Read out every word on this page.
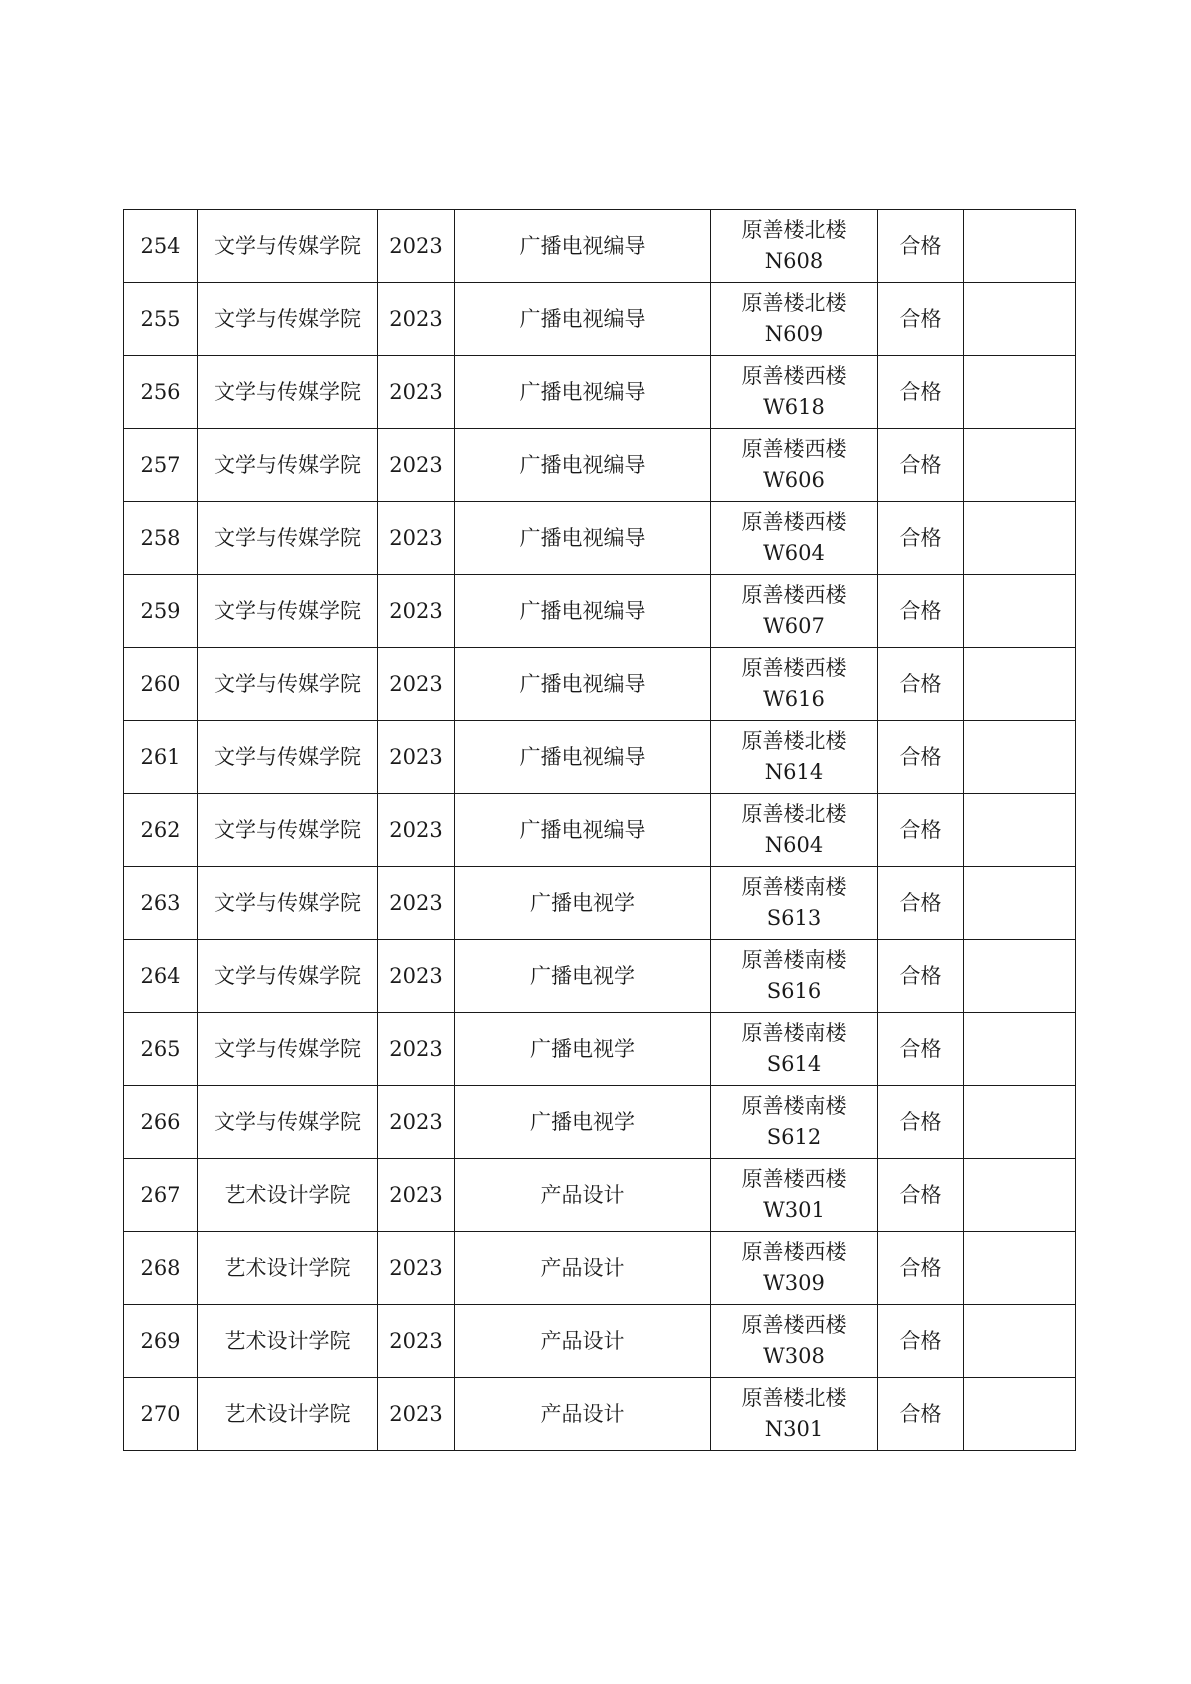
254	文学与传媒学院	2023	广播电视编导	原善楼北楼
N608	合格	
255	文学与传媒学院	2023	广播电视编导	原善楼北楼
N609	合格	
256	文学与传媒学院	2023	广播电视编导	原善楼西楼
W618	合格	
257	文学与传媒学院	2023	广播电视编导	原善楼西楼
W606	合格	
258	文学与传媒学院	2023	广播电视编导	原善楼西楼
W604	合格	
259	文学与传媒学院	2023	广播电视编导	原善楼西楼
W607	合格	
260	文学与传媒学院	2023	广播电视编导	原善楼西楼
W616	合格	
261	文学与传媒学院	2023	广播电视编导	原善楼北楼
N614	合格	
262	文学与传媒学院	2023	广播电视编导	原善楼北楼
N604	合格	
263	文学与传媒学院	2023	广播电视学	原善楼南楼
S613	合格	
264	文学与传媒学院	2023	广播电视学	原善楼南楼
S616	合格	
265	文学与传媒学院	2023	广播电视学	原善楼南楼
S614	合格	
266	文学与传媒学院	2023	广播电视学	原善楼南楼
S612	合格	
267	艺术设计学院	2023	产品设计	原善楼西楼
W301	合格	
268	艺术设计学院	2023	产品设计	原善楼西楼
W309	合格	
269	艺术设计学院	2023	产品设计	原善楼西楼
W308	合格	
270	艺术设计学院	2023	产品设计	原善楼北楼
N301	合格	
